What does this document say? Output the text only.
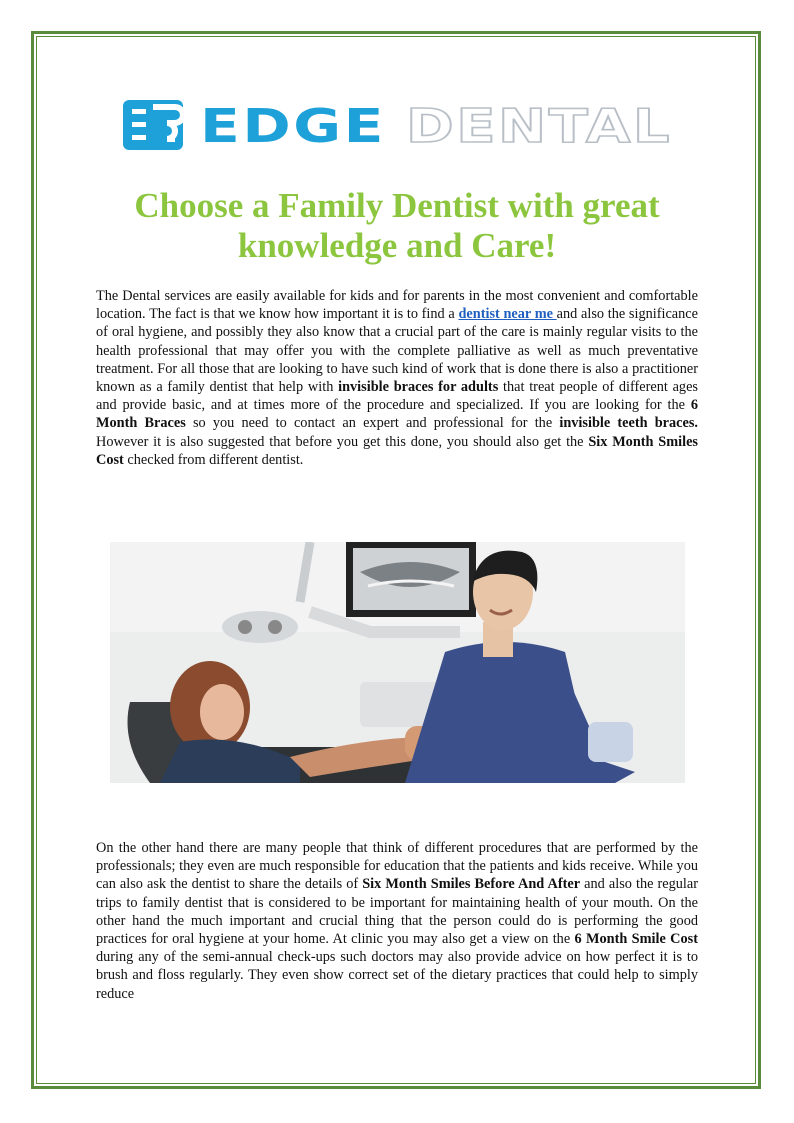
EDGE DENTAL
Choose a Family Dentist with great knowledge and Care!

The Dental services are easily available for kids and for parents in the most convenient and comfortable location. The fact is that we know how important it is to find a dentist near me and also the significance of oral hygiene, and possibly they also know that a crucial part of the care is mainly regular visits to the health professional that may offer you with the complete palliative as well as much preventative treatment. For all those that are looking to have such kind of work that is done there is also a practitioner known as a family dentist that help with invisible braces for adults that treat people of different ages and provide basic, and at times more of the procedure and specialized. If you are looking for the 6 Month Braces so you need to contact an expert and professional for the invisible teeth braces. However it is also suggested that before you get this done, you should also get the Six Month Smiles Cost checked from different dentist.

On the other hand there are many people that think of different procedures that are performed by the professionals; they even are much responsible for education that the patients and kids receive. While you can also ask the dentist to share the details of Six Month Smiles Before And After and also the regular trips to family dentist that is considered to be important for maintaining health of your mouth. On the other hand the much important and crucial thing that the person could do is performing the good practices for oral hygiene at your home. At clinic you may also get a view on the 6 Month Smile Cost during any of the semi-annual check-ups such doctors may also provide advice on how perfect it is to brush and floss regularly. They even show correct set of the dietary practices that could help to simply reduce
